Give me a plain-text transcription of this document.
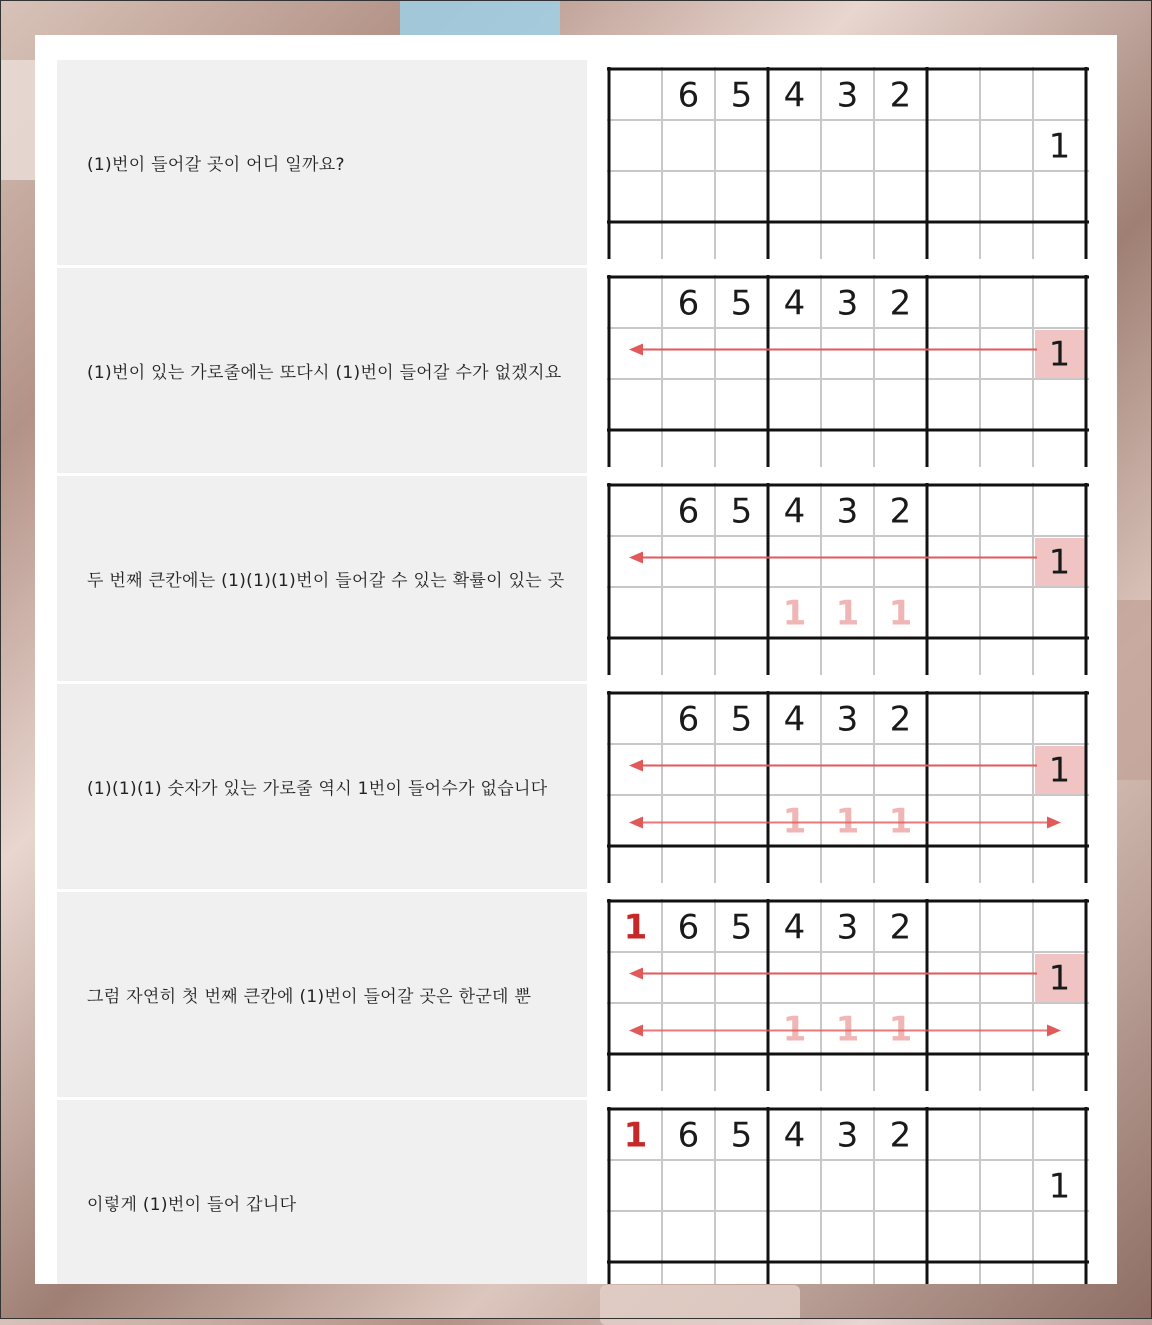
(1)번이 들어갈 곳이 어디 일까요?
6 5 4 3 2
1
(1)번이 있는 가로줄에는 또다시 (1)번이 들어갈 수가 없겠지요
6 5 4 3 2
1
두 번째 큰칸에는 (1)(1)(1)번이 들어갈 수 있는 확률이 있는 곳
6 5 4 3 2
1
1 1 1
(1)(1)(1) 숫자가 있는 가로줄 역시 1번이 들어수가 없습니다
6 5 4 3 2
1
1 1 1
그럼 자연히 첫 번째 큰칸에 (1)번이 들어갈 곳은 한군데 뿐
1 6 5 4 3 2
1
1 1 1
이렇게 (1)번이 들어 갑니다
1 6 5 4 3 2
1
